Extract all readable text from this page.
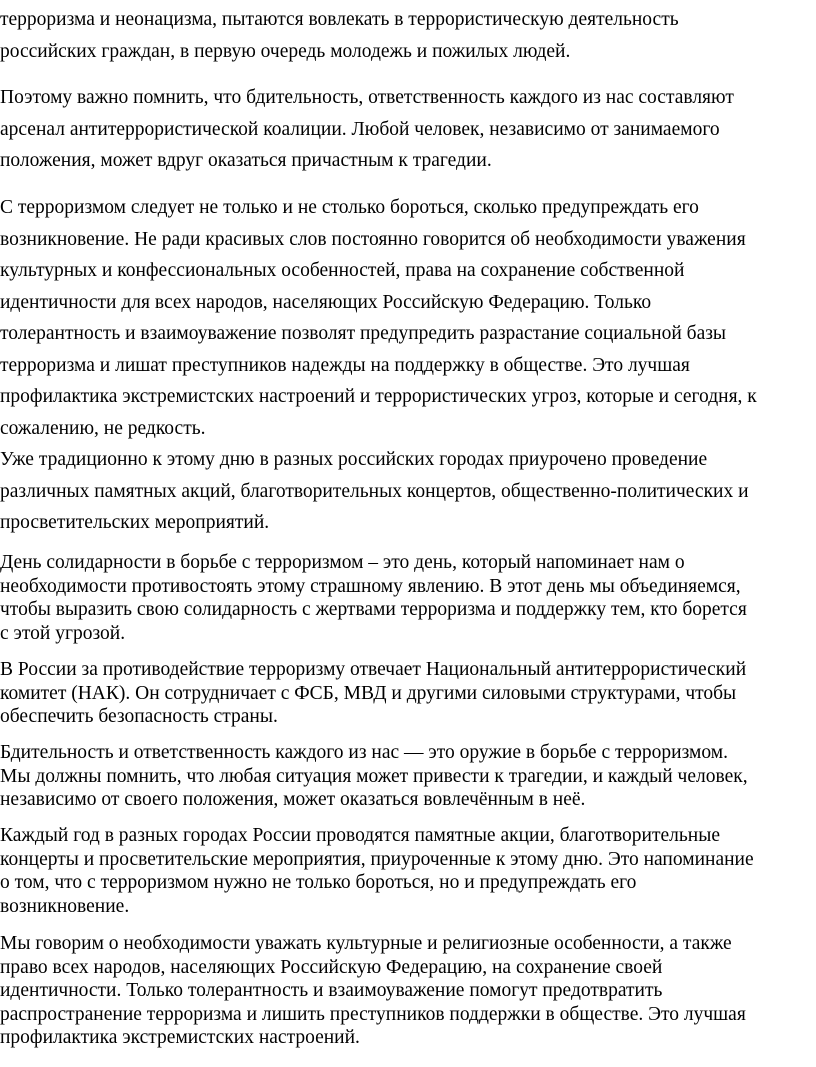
терроризма и неонацизма, пытаются вовлекать в террористическую деятельность
российских граждан, в первую очередь молодежь и пожилых людей.
Поэтому важно помнить, что бдительность, ответственность каждого из нас составляют
арсенал антитеррористической коалиции. Любой человек, независимо от занимаемого
положения, может вдруг оказаться причастным к трагедии.
С терроризмом следует не только и не столько бороться, сколько предупреждать его
возникновение. Не ради красивых слов постоянно говорится об необходимости уважения
культурных и конфессиональных особенностей, права на сохранение собственной
идентичности для всех народов, населяющих Российскую Федерацию. Только
толерантность и взаимоуважение позволят предупредить разрастание социальной базы
терроризма и лишат преступников надежды на поддержку в обществе. Это лучшая
профилактика экстремистских настроений и террористических угроз, которые и сегодня, к
сожалению, не редкость.
Уже традиционно к этому дню в разных российских городах приурочено проведение
различных памятных акций, благотворительных концертов, общественно-политических и
просветительских мероприятий.
День солидарности в борьбе с терроризмом – это день, который напоминает нам о
необходимости противостоять этому страшному явлению. В этот день мы объединяемся,
чтобы выразить свою солидарность с жертвами терроризма и поддержку тем, кто борется
с этой угрозой.
В России за противодействие терроризму отвечает Национальный антитеррористический
комитет (НАК). Он сотрудничает с ФСБ, МВД и другими силовыми структурами, чтобы
обеспечить безопасность страны.
Бдительность и ответственность каждого из нас — это оружие в борьбе с терроризмом.
Мы должны помнить, что любая ситуация может привести к трагедии, и каждый человек,
независимо от своего положения, может оказаться вовлечённым в неё.
Каждый год в разных городах России проводятся памятные акции, благотворительные
концерты и просветительские мероприятия, приуроченные к этому дню. Это напоминание
о том, что с терроризмом нужно не только бороться, но и предупреждать его
возникновение.
Мы говорим о необходимости уважать культурные и религиозные особенности, а также
право всех народов, населяющих Российскую Федерацию, на сохранение своей
идентичности. Только толерантность и взаимоуважение помогут предотвратить
распространение терроризма и лишить преступников поддержки в обществе. Это лучшая
профилактика экстремистских настроений.
